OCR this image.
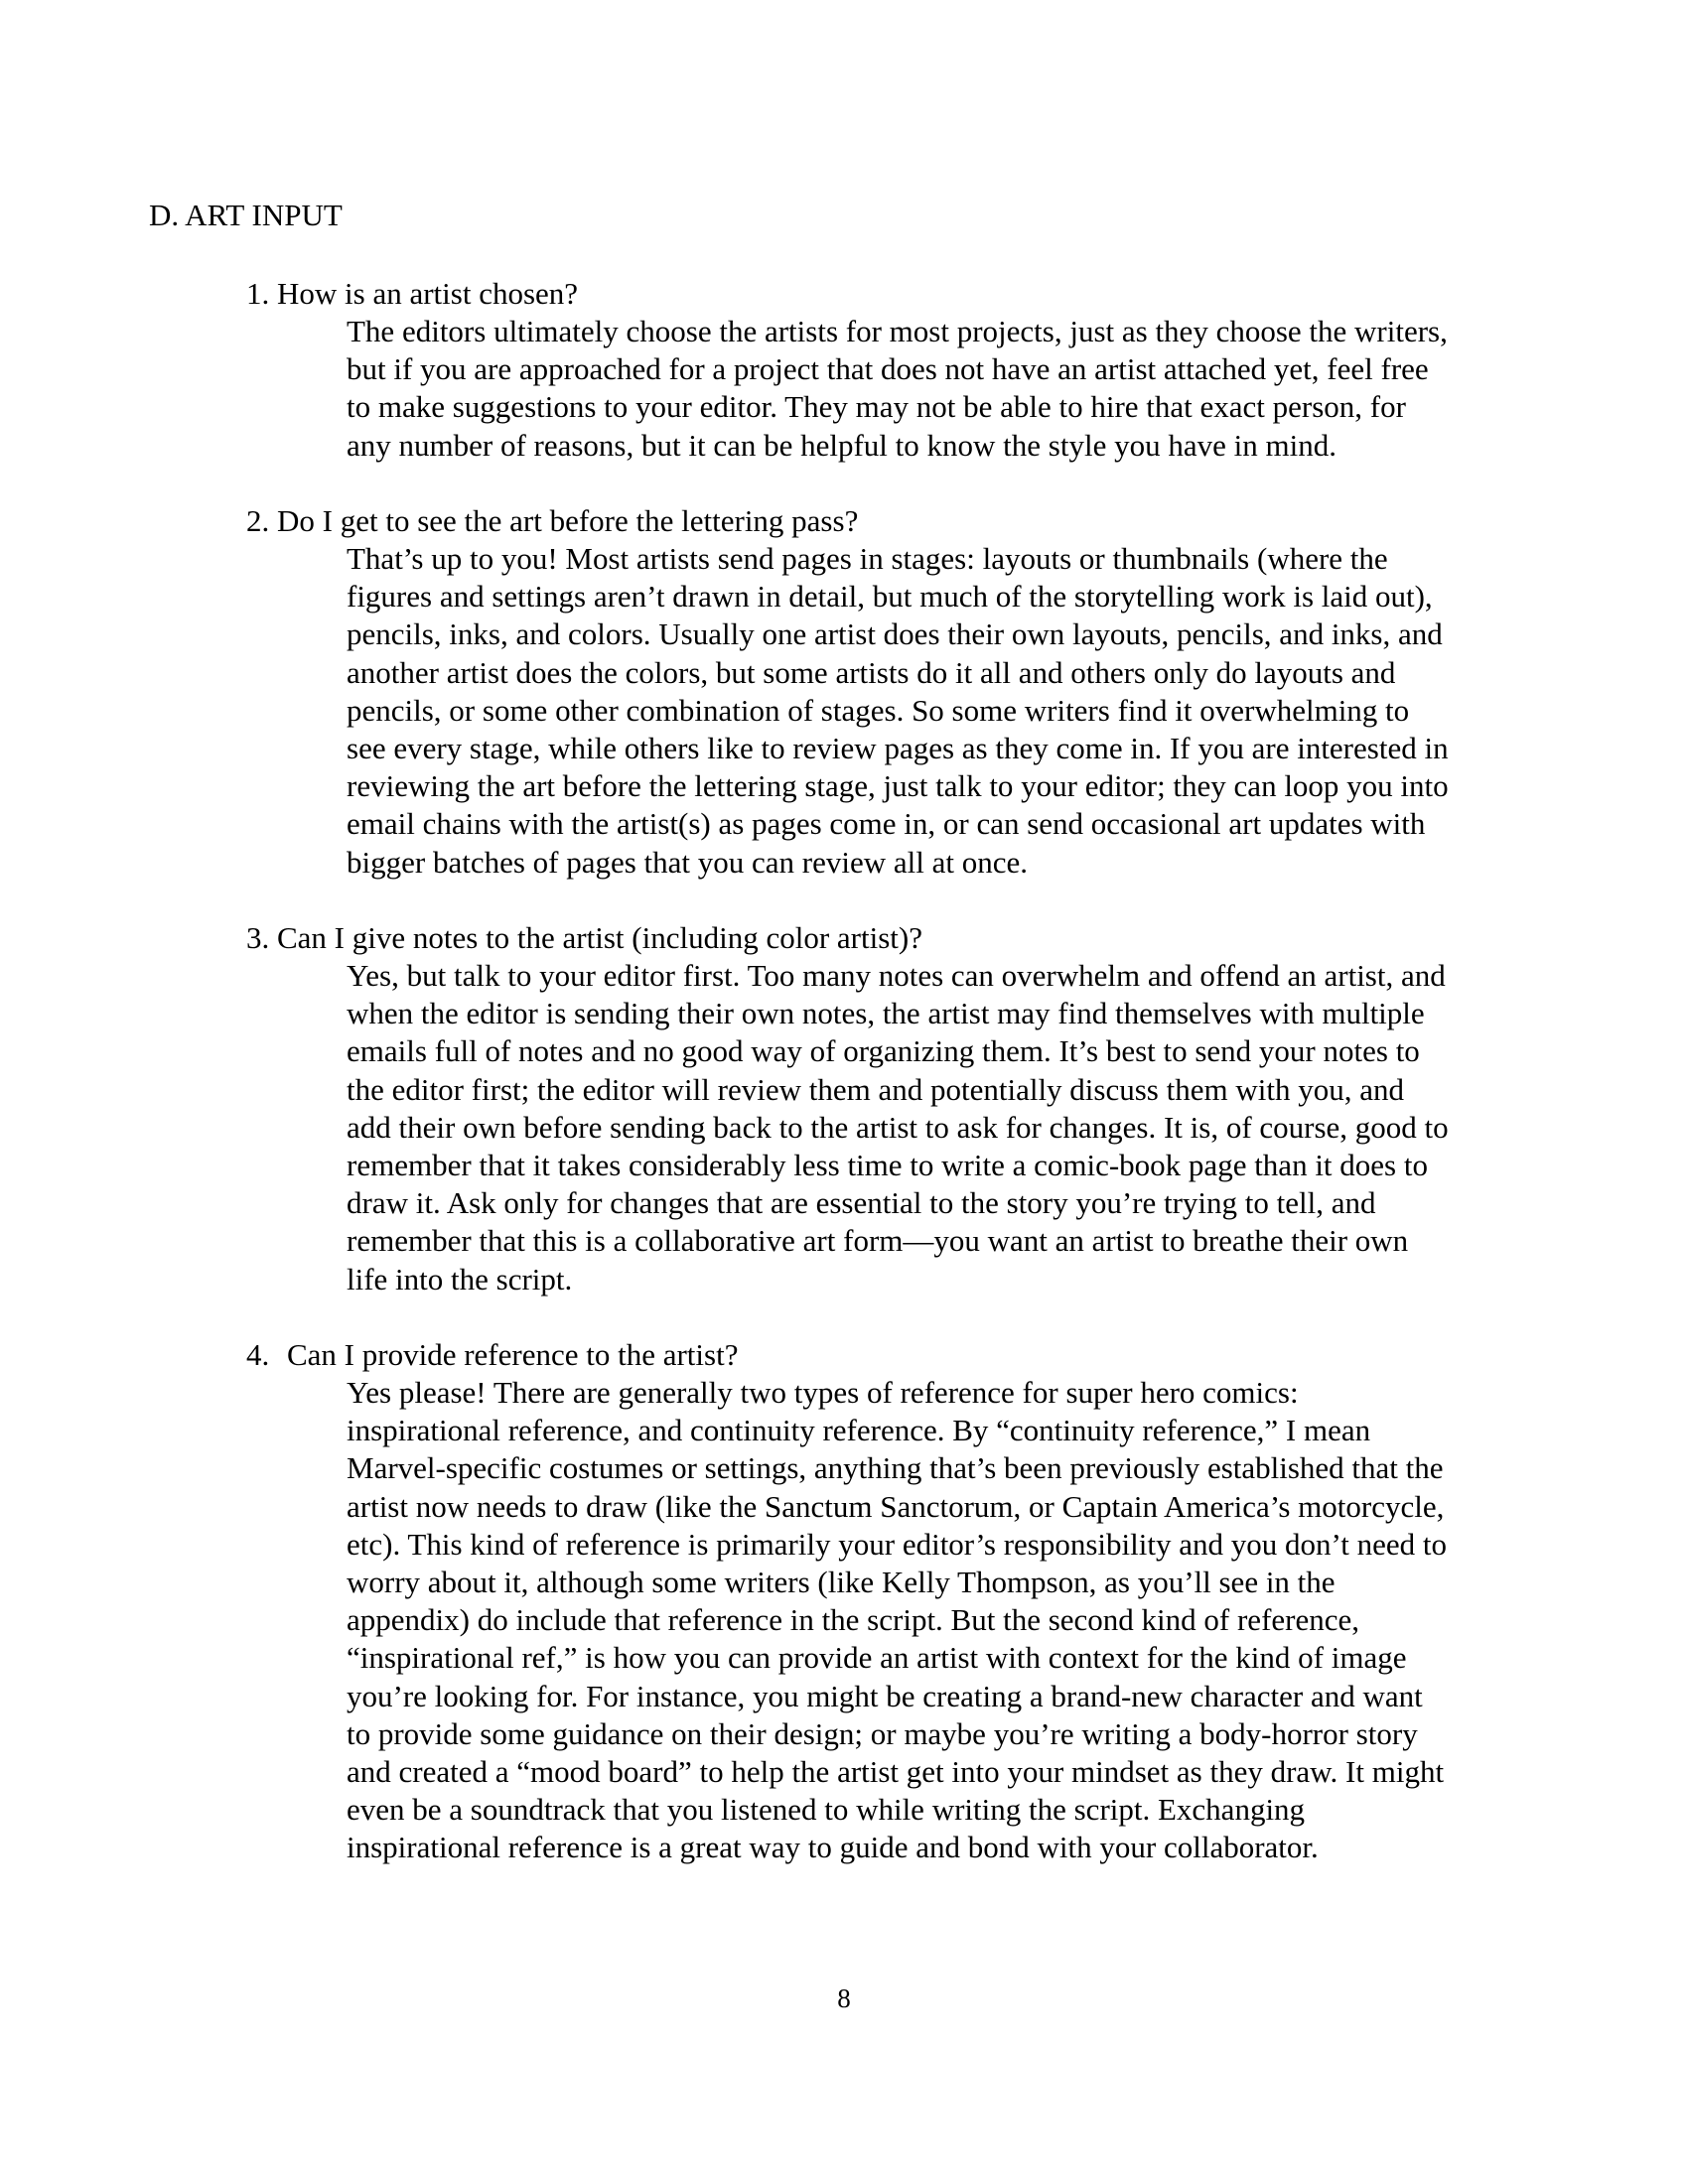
D. ART INPUT
1. How is an artist chosen?
The editors ultimately choose the artists for most projects, just as they choose the writers,
but if you are approached for a project that does not have an artist attached yet, feel free
to make suggestions to your editor. They may not be able to hire that exact person, for
any number of reasons, but it can be helpful to know the style you have in mind.
2. Do I get to see the art before the lettering pass?
That’s up to you! Most artists send pages in stages: layouts or thumbnails (where the
figures and settings aren’t drawn in detail, but much of the storytelling work is laid out),
pencils, inks, and colors. Usually one artist does their own layouts, pencils, and inks, and
another artist does the colors, but some artists do it all and others only do layouts and
pencils, or some other combination of stages. So some writers find it overwhelming to
see every stage, while others like to review pages as they come in. If you are interested in
reviewing the art before the lettering stage, just talk to your editor; they can loop you into
email chains with the artist(s) as pages come in, or can send occasional art updates with
bigger batches of pages that you can review all at once.
3. Can I give notes to the artist (including color artist)?
Yes, but talk to your editor first. Too many notes can overwhelm and offend an artist, and
when the editor is sending their own notes, the artist may find themselves with multiple
emails full of notes and no good way of organizing them. It’s best to send your notes to
the editor first; the editor will review them and potentially discuss them with you, and
add their own before sending back to the artist to ask for changes. It is, of course, good to
remember that it takes considerably less time to write a comic-book page than it does to
draw it. Ask only for changes that are essential to the story you’re trying to tell, and
remember that this is a collaborative art form—you want an artist to breathe their own
life into the script.
4. Can I provide reference to the artist?
Yes please! There are generally two types of reference for super hero comics:
inspirational reference, and continuity reference. By “continuity reference,” I mean
Marvel-specific costumes or settings, anything that’s been previously established that the
artist now needs to draw (like the Sanctum Sanctorum, or Captain America’s motorcycle,
etc). This kind of reference is primarily your editor’s responsibility and you don’t need to
worry about it, although some writers (like Kelly Thompson, as you’ll see in the
appendix) do include that reference in the script. But the second kind of reference,
“inspirational ref,” is how you can provide an artist with context for the kind of image
you’re looking for. For instance, you might be creating a brand-new character and want
to provide some guidance on their design; or maybe you’re writing a body-horror story
and created a “mood board” to help the artist get into your mindset as they draw. It might
even be a soundtrack that you listened to while writing the script. Exchanging
inspirational reference is a great way to guide and bond with your collaborator.
8
